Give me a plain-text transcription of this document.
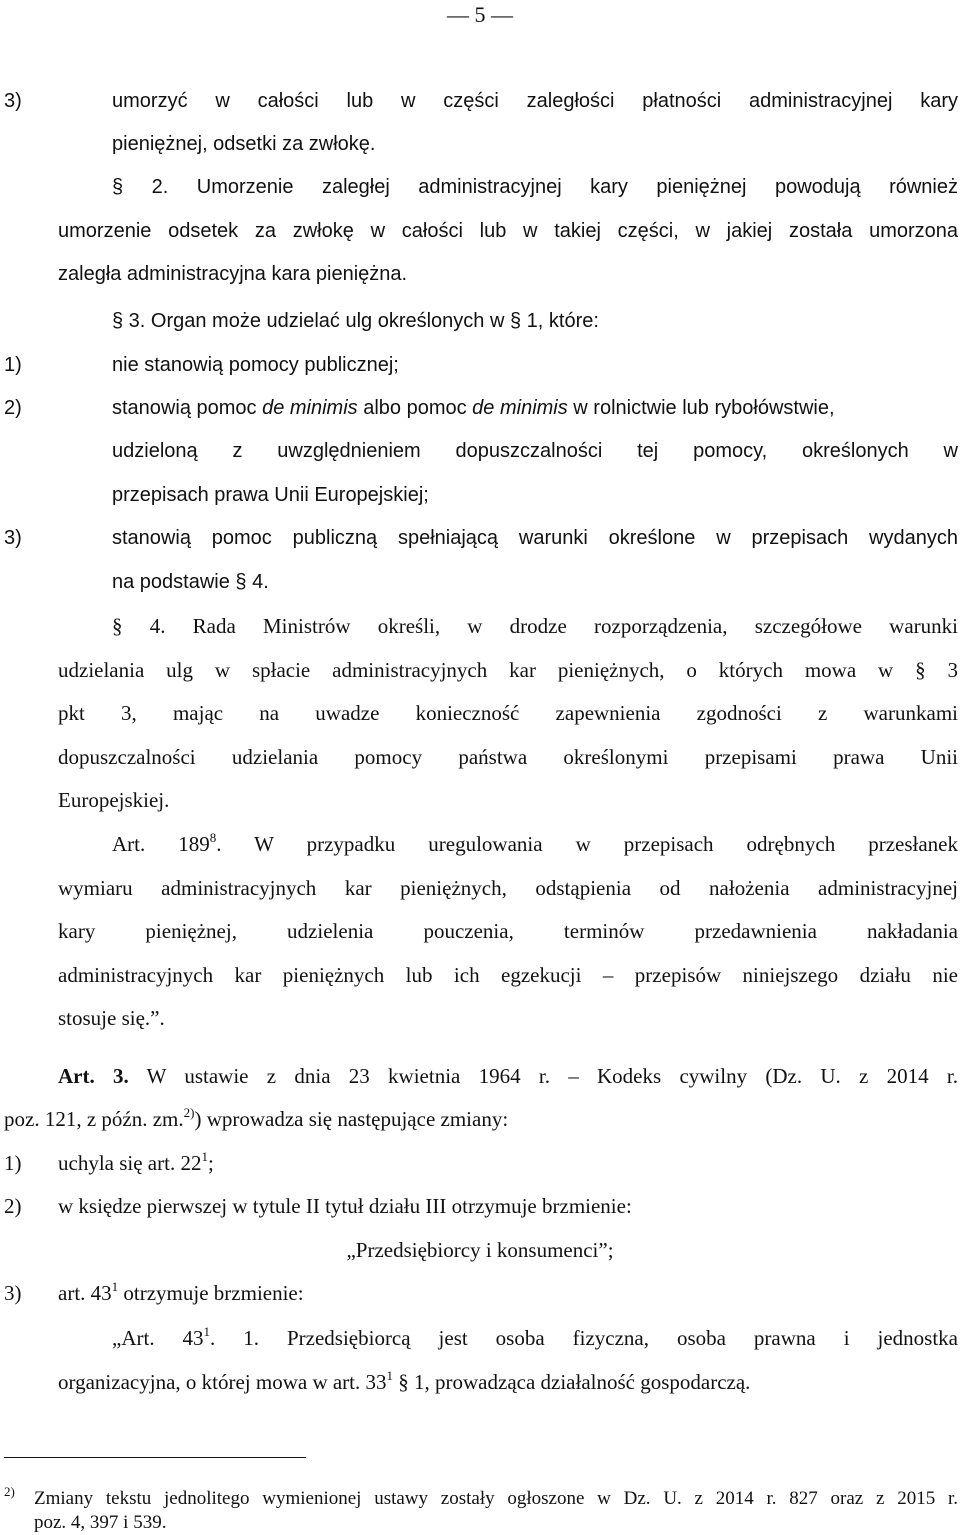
— 5 —
3)	umorzyć w całości lub w części zaległości płatności administracyjnej kary
pieniężnej, odsetki za zwłokę.
§ 2. Umorzenie zaległej administracyjnej kary pieniężnej powodują również
umorzenie odsetek za zwłokę w całości lub w takiej części, w jakiej została umorzona
zaległa administracyjna kara pieniężna.
§ 3. Organ może udzielać ulg określonych w § 1, które:
1)	nie stanowią pomocy publicznej;
2)	stanowią pomoc de minimis albo pomoc de minimis w rolnictwie lub rybołówstwie,
udzieloną z uwzględnieniem dopuszczalności tej pomocy, określonych w
przepisach prawa Unii Europejskiej;
3)	stanowią pomoc publiczną spełniającą warunki określone w przepisach wydanych
na podstawie § 4.
§ 4. Rada Ministrów określi, w drodze rozporządzenia, szczegółowe warunki
udzielania ulg w spłacie administracyjnych kar pieniężnych, o których mowa w § 3
pkt 3, mając na uwadze konieczność zapewnienia zgodności z warunkami
dopuszczalności udzielania pomocy państwa określonymi przepisami prawa Unii
Europejskiej.
Art. $189^8$. W przypadku uregulowania w przepisach odrębnych przesłanek
wymiaru administracyjnych kar pieniężnych, odstąpienia od nałożenia administracyjnej
kary pieniężnej, udzielenia pouczenia, terminów przedawnienia nakładania
administracyjnych kar pieniężnych lub ich egzekucji – przepisów niniejszego działu nie
stosuje się.”.
Art. 3. W ustawie z dnia 23 kwietnia 1964 r. – Kodeks cywilny (Dz. U. z 2014 r.
poz. 121, z późn. zm.$^{2)}$) wprowadza się następujące zmiany:
1) uchyla się art. $22^1$;
2) w księdze pierwszej w tytule II tytuł działu III otrzymuje brzmienie:
„Przedsiębiorcy i konsumenci”;
3) art. $43^1$ otrzymuje brzmienie:
„Art. $43^1$. 1. Przedsiębiorcą jest osoba fizyczna, osoba prawna i jednostka
organizacyjna, o której mowa w art. $33^1$ § 1, prowadząca działalność gospodarczą.
2) Zmiany tekstu jednolitego wymienionej ustawy zostały ogłoszone w Dz. U. z 2014 r. 827 oraz z 2015 r.
poz. 4, 397 i 539.
